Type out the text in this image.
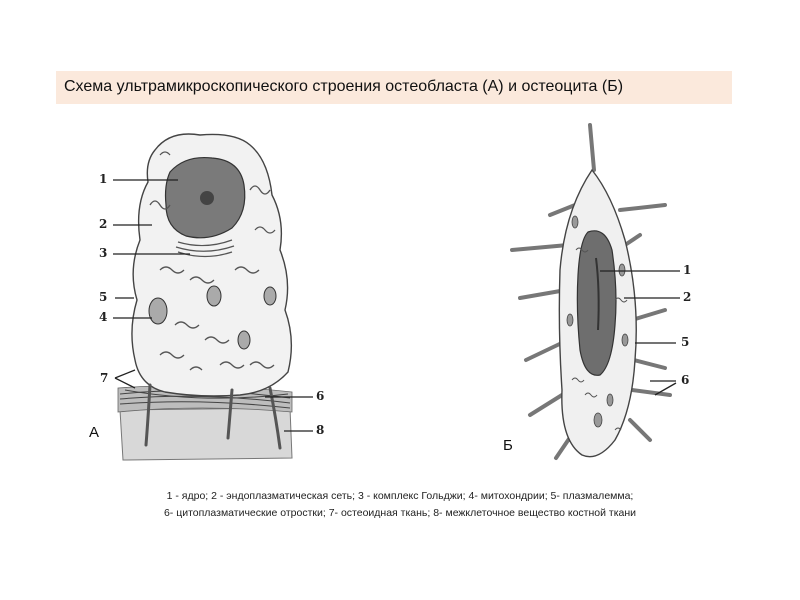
Схема ультрамикроскопического строения остеобласта (А) и остеоцита (Б)
1
2
3
5
4
7
6
8
А
1
2
5
6
Б
1 - ядро; 2 - эндоплазматическая сеть; 3 - комплекс Гольджи; 4- митохондрии; 5- плазмалемма;
6- цитоплазматические отростки; 7- остеоидная ткань; 8- межклеточное вещество костной ткани
